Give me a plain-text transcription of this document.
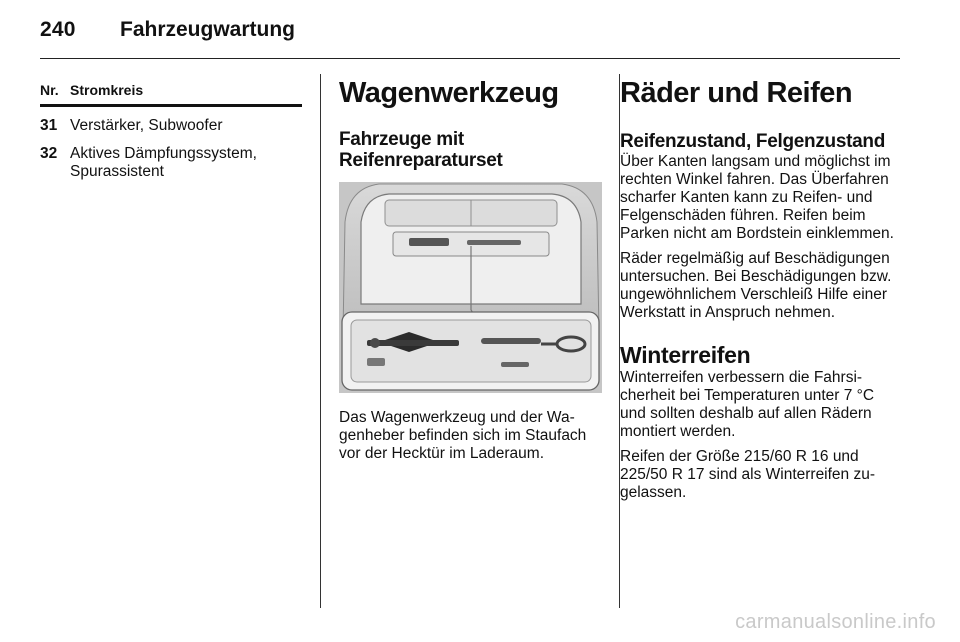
240 Fahrzeugwartung
Nr. Stromkreis
31 Verstärker, Subwoofer
32 Aktives Dämpfungssystem, Spurassistent
Wagenwerkzeug
Fahrzeuge mit Reifenreparaturset

Das Wagenwerkzeug und der Wagenheber befinden sich im Staufach vor der Hecktür im Laderaum.

Räder und Reifen
Reifenzustand, Felgenzustand

Über Kanten langsam und möglichst im rechten Winkel fahren. Das Überfahren scharfer Kanten kann zu Reifen- und Felgenschäden führen. Reifen beim Parken nicht am Bordstein einklemmen.

Räder regelmäßig auf Beschädigungen untersuchen. Bei Beschädigungen bzw. ungewöhnlichem Verschleiß Hilfe einer Werkstatt in Anspruch nehmen.

Winterreifen

Winterreifen verbessern die Fahrsicherheit bei Temperaturen unter 7 °C und sollten deshalb auf allen Rädern montiert werden.

Reifen der Größe 215/60 R 16 und 225/50 R 17 sind als Winterreifen zugelassen.

carmanualsonline.info
